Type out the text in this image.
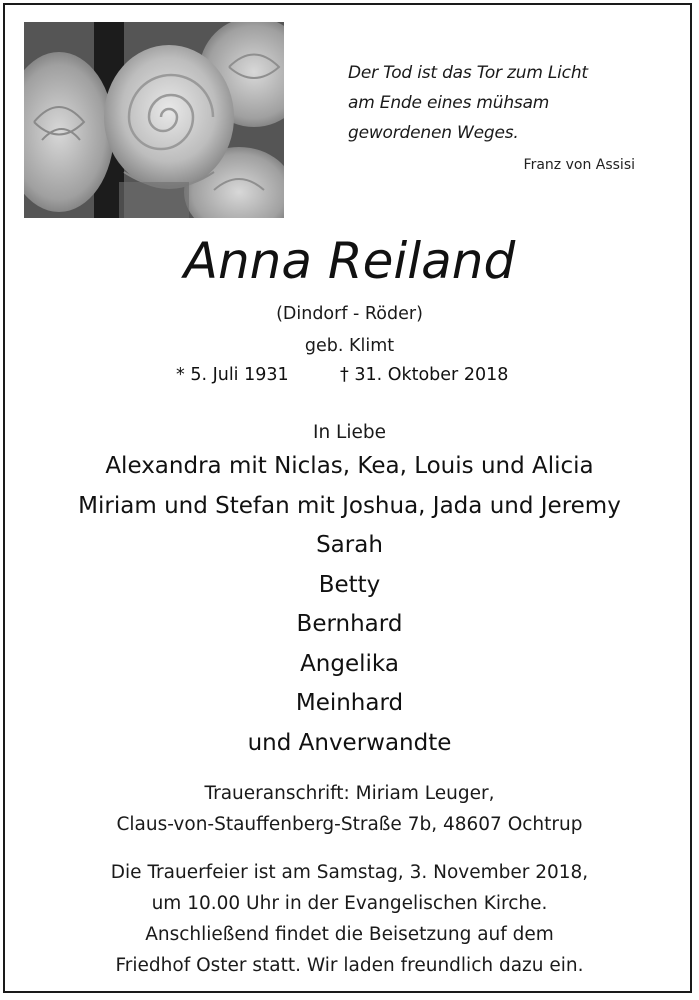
Der Tod ist das Tor zum Licht
am Ende eines mühsam
gewordenen Weges.
Franz von Assisi
Anna Reiland
(Dindorf - Röder)
geb. Klimt
* 5. Juli 1931	† 31. Oktober 2018
In Liebe
Alexandra mit Niclas, Kea, Louis und Alicia
Miriam und Stefan mit Joshua, Jada und Jeremy
Sarah
Betty
Bernhard
Angelika
Meinhard
und Anverwandte
Traueranschrift: Miriam Leuger,
Claus-von-Stauffenberg-Straße 7b, 48607 Ochtrup
Die Trauerfeier ist am Samstag, 3. November 2018,
um 10.00 Uhr in der Evangelischen Kirche.
Anschließend findet die Beisetzung auf dem
Friedhof Oster statt. Wir laden freundlich dazu ein.
